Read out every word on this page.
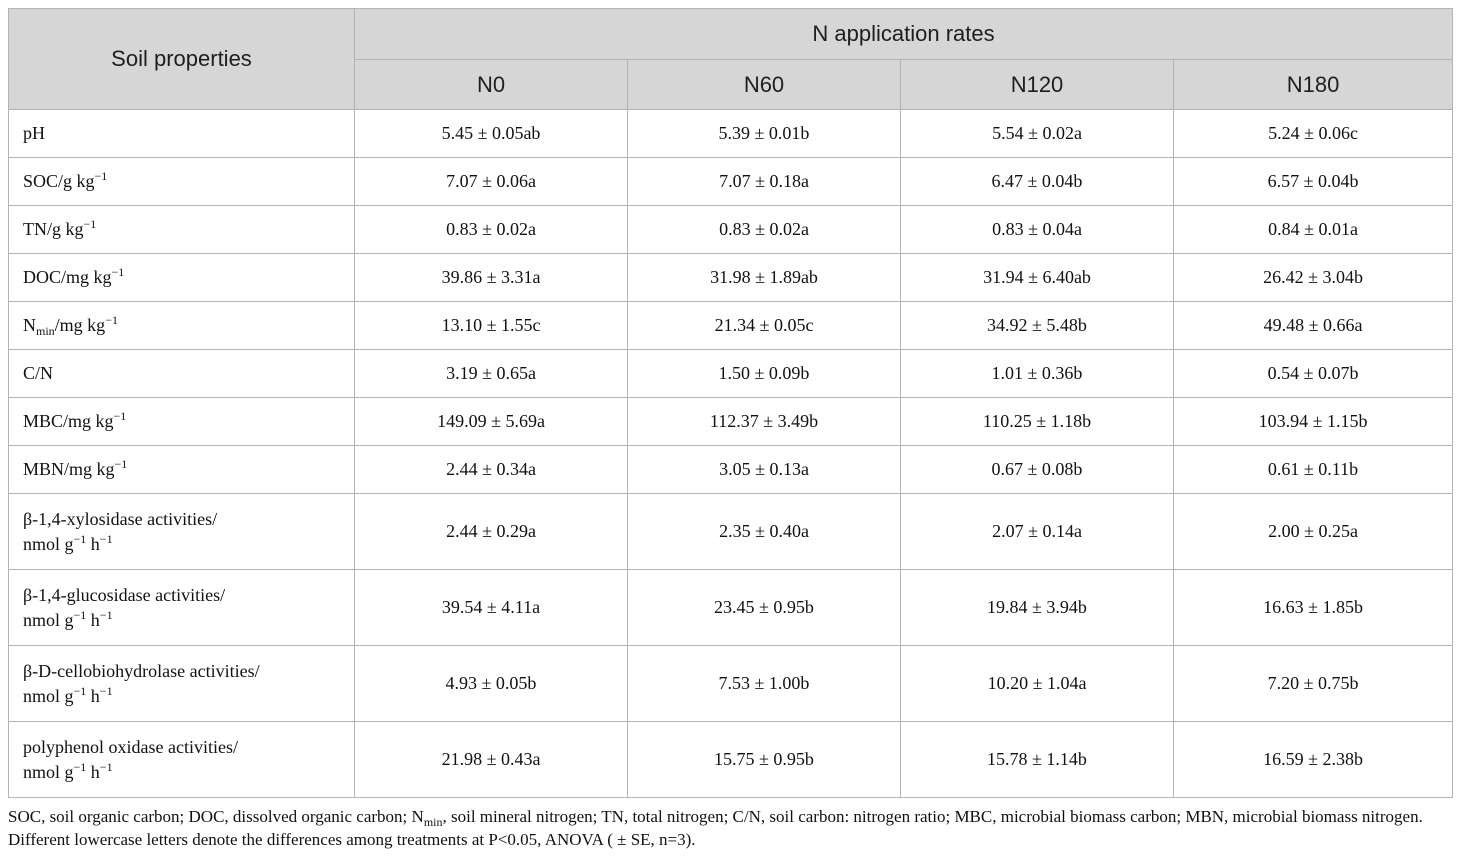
Soil properties	N application rates			
	N0	N60	N120	N180
pH	5.45 ± 0.05ab	5.39 ± 0.01b	5.54 ± 0.02a	5.24 ± 0.06c
SOC/g $kg^{-1}$	7.07 ± 0.06a	7.07 ± 0.18a	6.47 ± 0.04b	6.57 ± 0.04b
TN/g $kg^{-1}$	0.83 ± 0.02a	0.83 ± 0.02a	0.83 ± 0.04a	0.84 ± 0.01a
DOC/mg $kg^{-1}$	39.86 ± 3.31a	31.98 ± 1.89ab	31.94 ± 6.40ab	26.42 ± 3.04b
$N_{min}/mg$ $kg^{-1}$	13.10 ± 1.55c	21.34 ± 0.05c	34.92 ± 5.48b	49.48 ± 0.66a
C/N	3.19 ± 0.65a	1.50 ± 0.09b	1.01 ± 0.36b	0.54 ± 0.07b
MBC/mg $kg^{-1}$	149.09 ± 5.69a	112.37 ± 3.49b	110.25 ± 1.18b	103.94 ± 1.15b
MBN/mg $kg^{-1}$	2.44 ± 0.34a	3.05 ± 0.13a	0.67 ± 0.08b	0.61 ± 0.11b
β-1,4-xylosidase activities/
nmol $g^{-1}$ $h^{-1}$	2.44 ± 0.29a	2.35 ± 0.40a	2.07 ± 0.14a	2.00 ± 0.25a
β-1,4-glucosidase activities/
nmol $g^{-1}$ $h^{-1}$	39.54 ± 4.11a	23.45 ± 0.95b	19.84 ± 3.94b	16.63 ± 1.85b
β-D-cellobiohydrolase activities/
nmol $g^{-1}$ $h^{-1}$	4.93 ± 0.05b	7.53 ± 1.00b	10.20 ± 1.04a	7.20 ± 0.75b
polyphenol oxidase activities/
nmol $g^{-1}$ $h^{-1}$	21.98 ± 0.43a	15.75 ± 0.95b	15.78 ± 1.14b	16.59 ± 2.38b
SOC, soil organic carbon; DOC, dissolved organic carbon; $N_{min}$, soil mineral nitrogen; TN, total nitrogen; C/N, soil carbon: nitrogen ratio; MBC, microbial biomass carbon; MBN, microbial biomass nitrogen. Different lowercase letters denote the differences among treatments at P<0.05, ANOVA ( ± SE, n=3).
